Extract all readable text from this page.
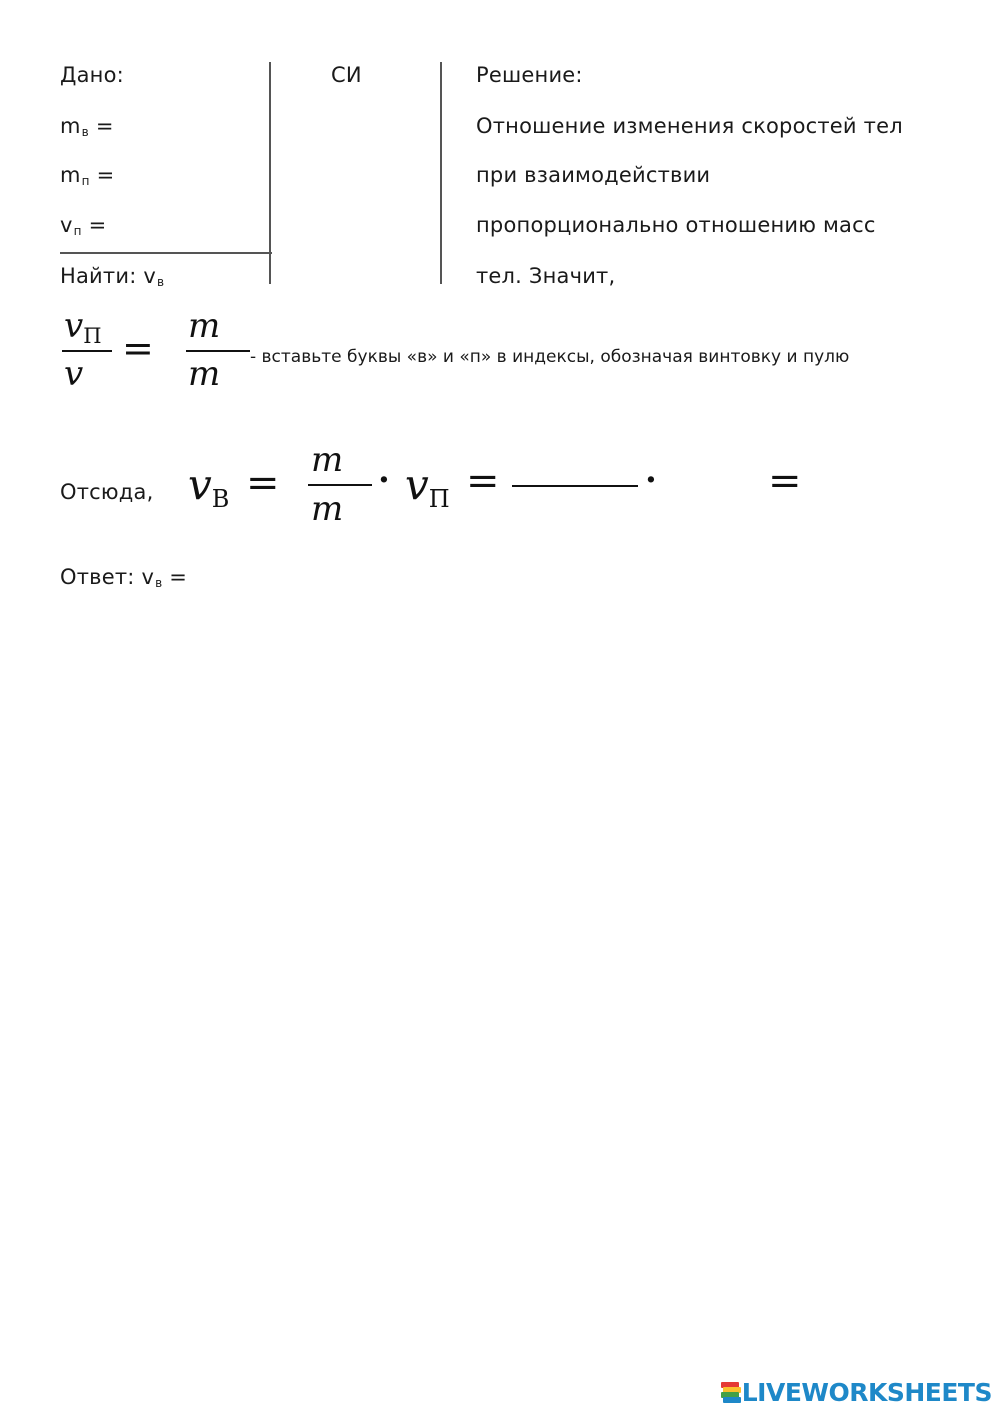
Дано:
$m_в$ =
$m_п$ =
$v_п$ =
Найти: $v_в$
СИ	Решение:
Отношение изменения скоростей тел
при взаимодействии
пропорционально отношению масс
тел. Значит,
vП
v
= m
m - вставьте буквы «в» и «п» в индексы, обозначая винтовку и пулю
Отсюда, vВ = m
m
· vП =	·	=
Ответ: $v_в$ =
LIVEWORKSHEETS
